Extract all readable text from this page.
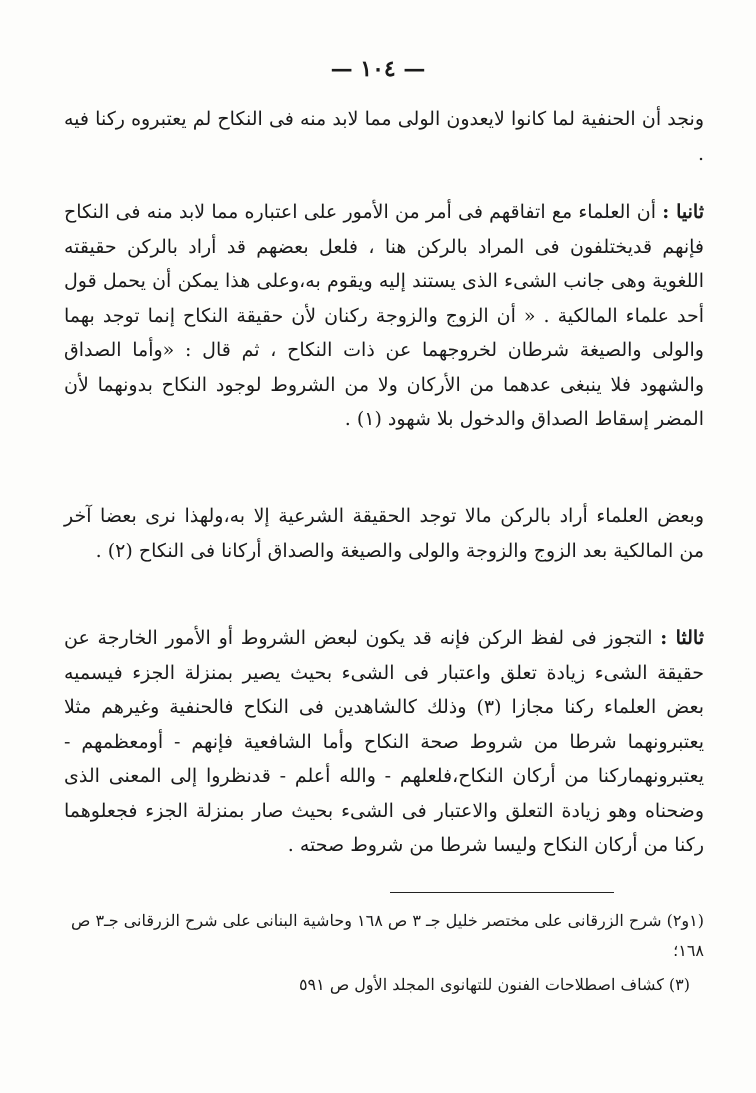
— ١٠٤ —

ونجد أن الحنفية لما كانوا لايعدون الولى مما لابد منه فى النكاح لم يعتبروه ركنا فيه .

ثانيا : أن العلماء مع اتفاقهم فى أمر من الأمور على اعتباره مما لابد منه فى النكاح فإنهم قديختلفون فى المراد بالركن هنا ، فلعل بعضهم قد أراد بالركن حقيقته اللغوية وهى جانب الشىء الذى يستند إليه ويقوم به،وعلى هذا يمكن أن يحمل قول أحد علماء المالكية . « أن الزوج والزوجة ركنان لأن حقيقة النكاح إنما توجد بهما والولى والصيغة شرطان لخروجهما عن ذات النكاح ، ثم قال : «وأما الصداق والشهود فلا ينبغى عدهما من الأركان ولا من الشروط لوجود النكاح بدونهما لأن المضر إسقاط الصداق والدخول بلا شهود (١) .

وبعض العلماء أراد بالركن مالا توجد الحقيقة الشرعية إلا به،ولهذا نرى بعضا آخر من المالكية بعد الزوج والزوجة والولى والصيغة والصداق أركانا فى النكاح (٢) .

ثالثا : التجوز فى لفظ الركن فإنه قد يكون لبعض الشروط أو الأمور الخارجة عن حقيقة الشىء زيادة تعلق واعتبار فى الشىء بحيث يصير بمنزلة الجزء فيسميه بعض العلماء ركنا مجازا (٣) وذلك كالشاهدين فى النكاح فالحنفية وغيرهم مثلا يعتبرونهما شرطا من شروط صحة النكاح وأما الشافعية فإنهم - أومعظمهم - يعتبرونهماركنا من أركان النكاح،فلعلهم - والله أعلم - قدنظروا إلى المعنى الذى وضحناه وهو زيادة التعلق والاعتبار فى الشىء بحيث صار بمنزلة الجزء فجعلوهما ركنا من أركان النكاح وليسا شرطا من شروط صحته .

(١و٢) شرح الزرقانى على مختصر خليل جـ ٣ ص ١٦٨ وحاشية البنانى على شرح الزرقانى جـ٣ ص ١٦٨؛

(٣) كشاف اصطلاحات الفنون للتهانوى المجلد الأول ص ٥٩١
